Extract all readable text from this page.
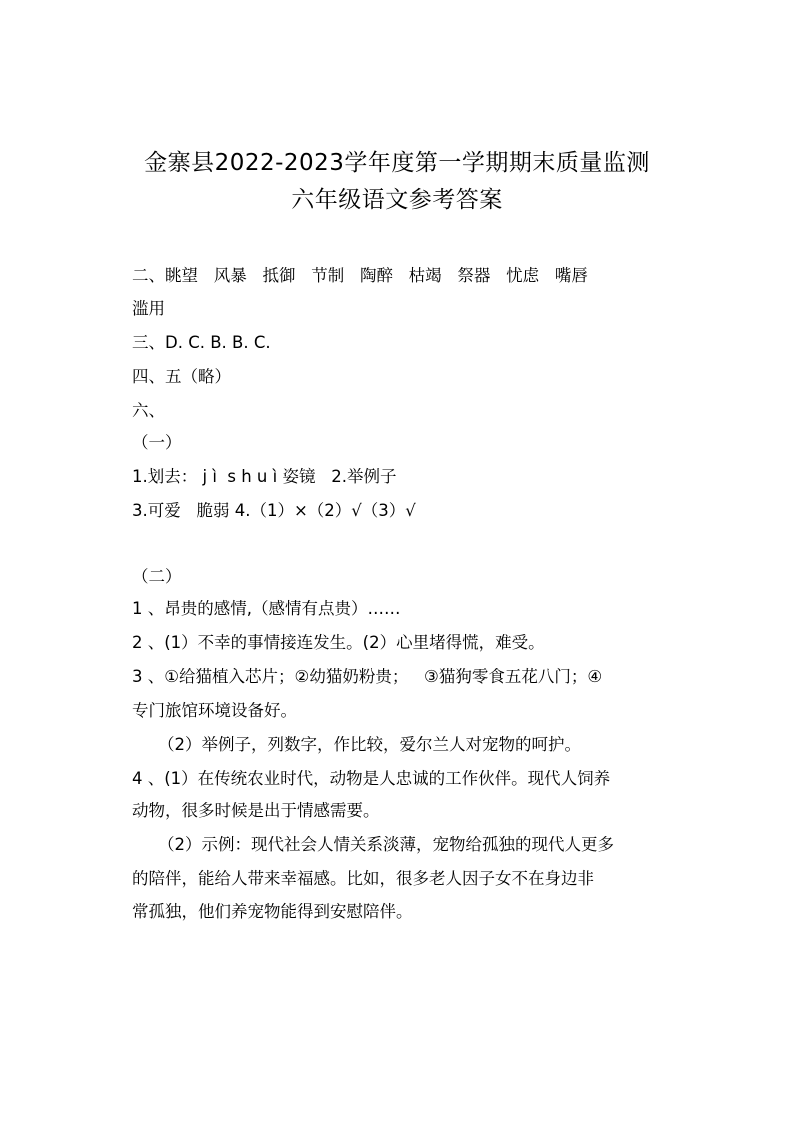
金寨县2022-2023学年度第一学期期末质量监测
六年级语文参考答案
二、眺望   风暴   抵御   节制   陶醉   枯竭   祭器   忧虑   嘴唇
滥用
三、D. C. B. B. C.
四、五（略）
六、
（一）
1.划去： j ì  s h u ì 姿镜   2.举例子
3.可爱   脆弱 4.（1）×（2）√（3）√
（二）
1 、昂贵的感情,（感情有点贵）……
2 、(1）不幸的事情接连发生。(2）心里堵得慌，难受。
3 、①给猫植入芯片；②幼猫奶粉贵；   ③猫狗零食五花八门；④
专门旅馆环境设备好。
（2）举例子，列数字，作比较，爱尔兰人对宠物的呵护。
4 、(1）在传统农业时代，动物是人忠诚的工作伙伴。现代人饲养
动物，很多时候是出于情感需要。
（2）示例：现代社会人情关系淡薄，宠物给孤独的现代人更多
的陪伴，能给人带来幸福感。比如，很多老人因子女不在身边非
常孤独，他们养宠物能得到安慰陪伴。
